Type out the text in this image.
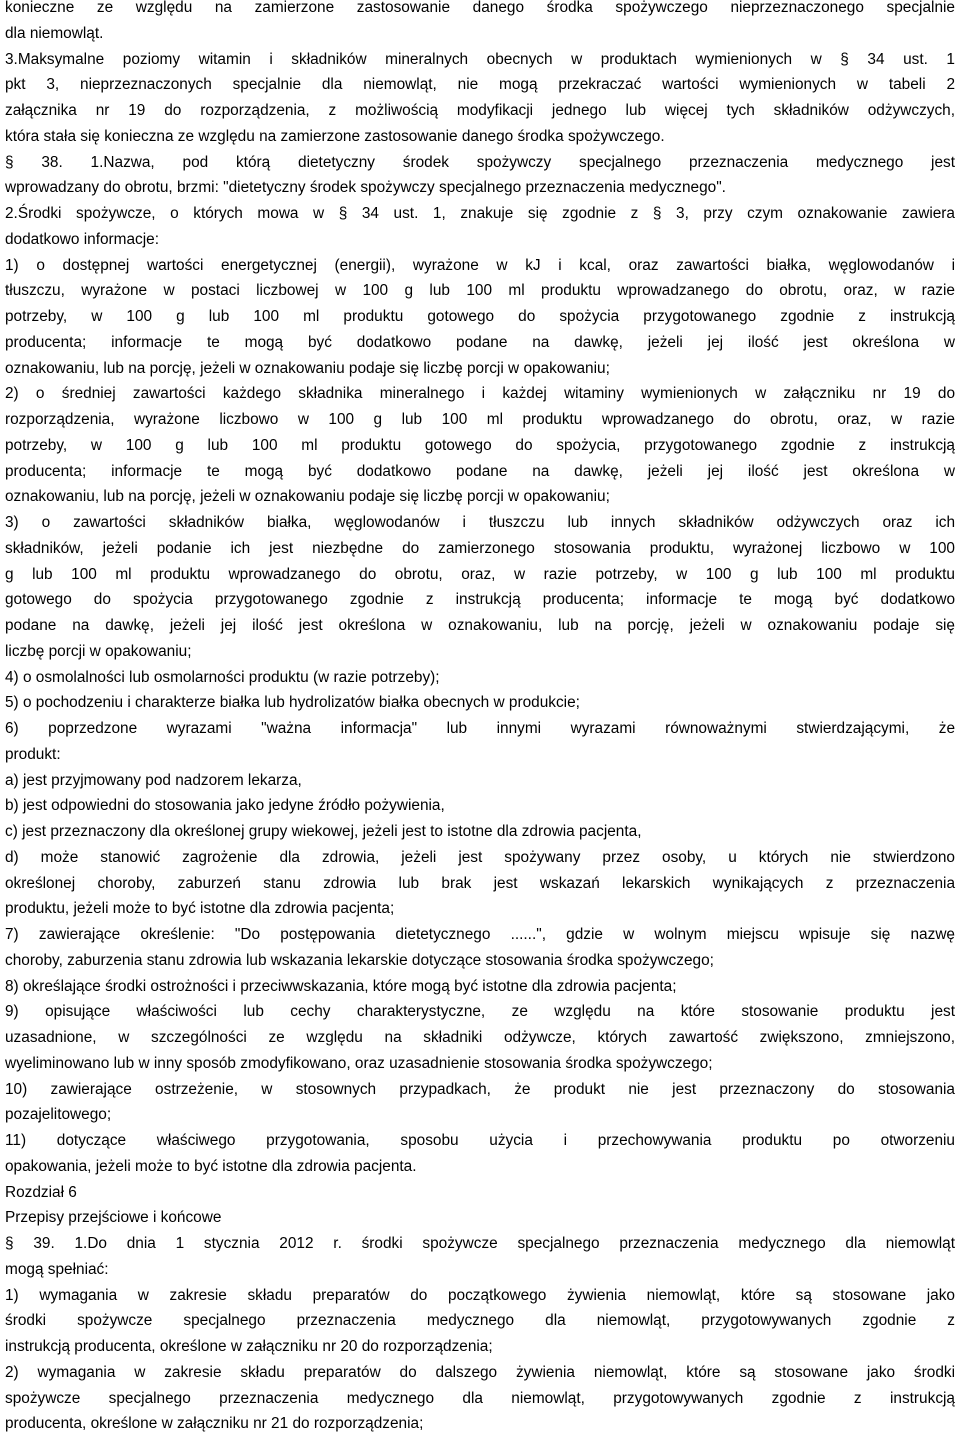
konieczne ze względu na zamierzone zastosowanie danego środka spożywczego nieprzeznaczonego specjalnie
dla niemowląt.
3.Maksymalne poziomy witamin i składników mineralnych obecnych w produktach wymienionych w § 34 ust. 1
pkt 3, nieprzeznaczonych specjalnie dla niemowląt, nie mogą przekraczać wartości wymienionych w tabeli 2
załącznika nr 19 do rozporządzenia, z możliwością modyfikacji jednego lub więcej tych składników odżywczych,
która stała się konieczna ze względu na zamierzone zastosowanie danego środka spożywczego.
§ 38. 1.Nazwa, pod którą dietetyczny środek spożywczy specjalnego przeznaczenia medycznego jest
wprowadzany do obrotu, brzmi: "dietetyczny środek spożywczy specjalnego przeznaczenia medycznego".
2.Środki spożywcze, o których mowa w § 34 ust. 1, znakuje się zgodnie z § 3, przy czym oznakowanie zawiera
dodatkowo informacje:
1) o dostępnej wartości energetycznej (energii), wyrażone w kJ i kcal, oraz zawartości białka, węglowodanów i
tłuszczu, wyrażone w postaci liczbowej w 100 g lub 100 ml produktu wprowadzanego do obrotu, oraz, w razie
potrzeby, w 100 g lub 100 ml produktu gotowego do spożycia przygotowanego zgodnie z instrukcją
producenta; informacje te mogą być dodatkowo podane na dawkę, jeżeli jej ilość jest określona w
oznakowaniu, lub na porcję, jeżeli w oznakowaniu podaje się liczbę porcji w opakowaniu;
2) o średniej zawartości każdego składnika mineralnego i każdej witaminy wymienionych w załączniku nr 19 do
rozporządzenia, wyrażone liczbowo w 100 g lub 100 ml produktu wprowadzanego do obrotu, oraz, w razie
potrzeby, w 100 g lub 100 ml produktu gotowego do spożycia, przygotowanego zgodnie z instrukcją
producenta; informacje te mogą być dodatkowo podane na dawkę, jeżeli jej ilość jest określona w
oznakowaniu, lub na porcję, jeżeli w oznakowaniu podaje się liczbę porcji w opakowaniu;
3) o zawartości składników białka, węglowodanów i tłuszczu lub innych składników odżywczych oraz ich
składników, jeżeli podanie ich jest niezbędne do zamierzonego stosowania produktu, wyrażonej liczbowo w 100
g lub 100 ml produktu wprowadzanego do obrotu, oraz, w razie potrzeby, w 100 g lub 100 ml produktu
gotowego do spożycia przygotowanego zgodnie z instrukcją producenta; informacje te mogą być dodatkowo
podane na dawkę, jeżeli jej ilość jest określona w oznakowaniu, lub na porcję, jeżeli w oznakowaniu podaje się
liczbę porcji w opakowaniu;
4) o osmolalności lub osmolarności produktu (w razie potrzeby);
5) o pochodzeniu i charakterze białka lub hydrolizatów białka obecnych w produkcie;
6) poprzedzone wyrazami "ważna informacja" lub innymi wyrazami równoważnymi stwierdzającymi, że
produkt:
a) jest przyjmowany pod nadzorem lekarza,
b) jest odpowiedni do stosowania jako jedyne źródło pożywienia,
c) jest przeznaczony dla określonej grupy wiekowej, jeżeli jest to istotne dla zdrowia pacjenta,
d) może stanowić zagrożenie dla zdrowia, jeżeli jest spożywany przez osoby, u których nie stwierdzono
określonej choroby, zaburzeń stanu zdrowia lub brak jest wskazań lekarskich wynikających z przeznaczenia
produktu, jeżeli może to być istotne dla zdrowia pacjenta;
7) zawierające określenie: "Do postępowania dietetycznego ......", gdzie w wolnym miejscu wpisuje się nazwę
choroby, zaburzenia stanu zdrowia lub wskazania lekarskie dotyczące stosowania środka spożywczego;
8) określające środki ostrożności i przeciwwskazania, które mogą być istotne dla zdrowia pacjenta;
9) opisujące właściwości lub cechy charakterystyczne, ze względu na które stosowanie produktu jest
uzasadnione, w szczególności ze względu na składniki odżywcze, których zawartość zwiększono, zmniejszono,
wyeliminowano lub w inny sposób zmodyfikowano, oraz uzasadnienie stosowania środka spożywczego;
10) zawierające ostrzeżenie, w stosownych przypadkach, że produkt nie jest przeznaczony do stosowania
pozajelitowego;
11) dotyczące właściwego przygotowania, sposobu użycia i przechowywania produktu po otworzeniu
opakowania, jeżeli może to być istotne dla zdrowia pacjenta.
Rozdział 6
Przepisy przejściowe i końcowe
§ 39. 1.Do dnia 1 stycznia 2012 r. środki spożywcze specjalnego przeznaczenia medycznego dla niemowląt
mogą spełniać:
1) wymagania w zakresie składu preparatów do początkowego żywienia niemowląt, które są stosowane jako
środki spożywcze specjalnego przeznaczenia medycznego dla niemowląt, przygotowywanych zgodnie z
instrukcją producenta, określone w załączniku nr 20 do rozporządzenia;
2) wymagania w zakresie składu preparatów do dalszego żywienia niemowląt, które są stosowane jako środki
spożywcze specjalnego przeznaczenia medycznego dla niemowląt, przygotowywanych zgodnie z instrukcją
producenta, określone w załączniku nr 21 do rozporządzenia;
